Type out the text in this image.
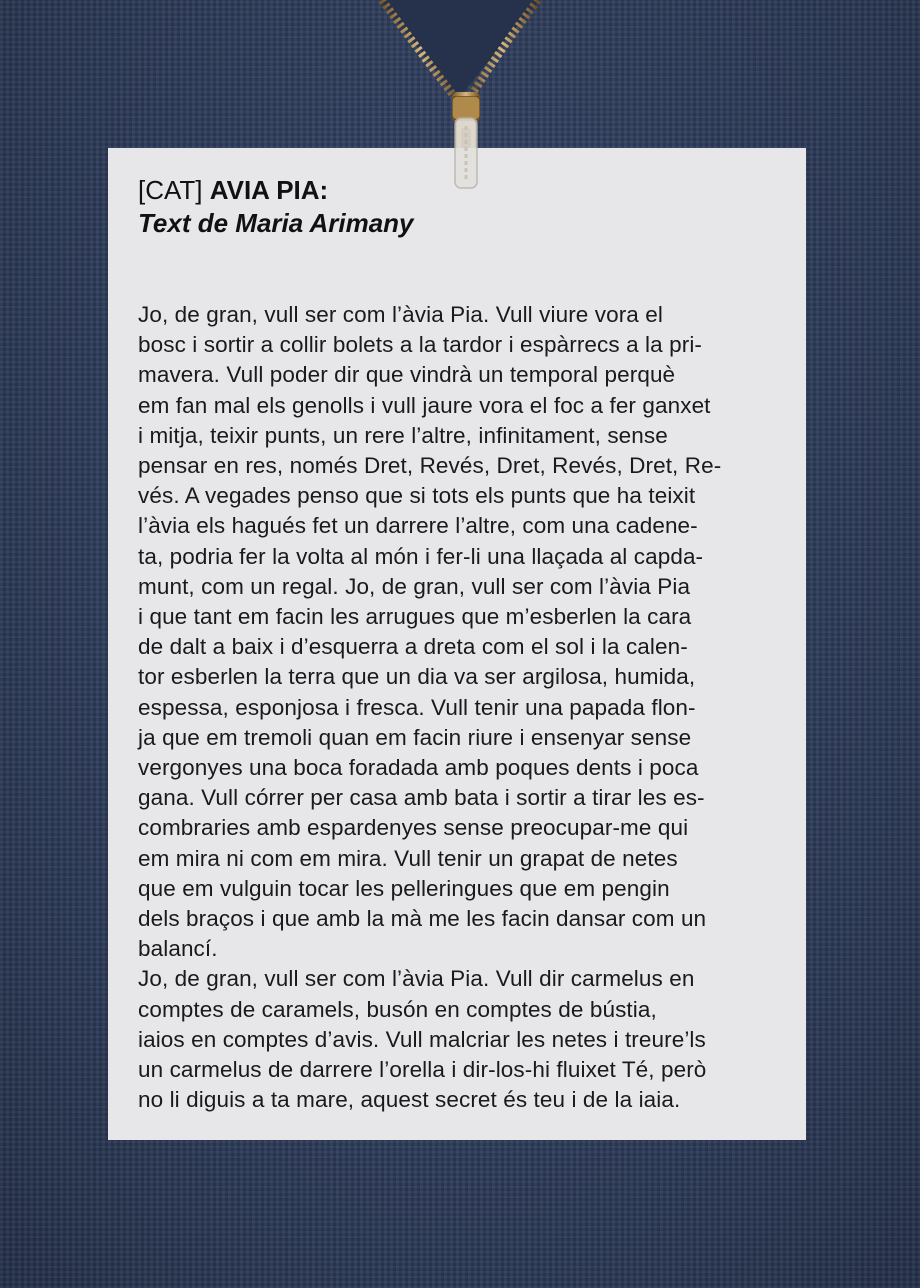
[CAT] AVIA PIA:

Text de Maria Arimany

Jo, de gran, vull ser com l’àvia Pia. Vull viure vora el
bosc i sortir a collir bolets a la tardor i espàrrecs a la pri-
mavera. Vull poder dir que vindrà un temporal perquè
em fan mal els genolls i vull jaure vora el foc a fer ganxet
i mitja, teixir punts, un rere l’altre, infinitament, sense
pensar en res, només Dret, Revés, Dret, Revés, Dret, Re-
vés. A vegades penso que si tots els punts que ha teixit
l’àvia els hagués fet un darrere l’altre, com una cadene-
ta, podria fer la volta al món i fer-li una llaçada al capda-
munt, com un regal. Jo, de gran, vull ser com l’àvia Pia
i que tant em facin les arrugues que m’esberlen la cara
de dalt a baix i d’esquerra a dreta com el sol i la calen-
tor esberlen la terra que un dia va ser argilosa, humida,
espessa, esponjosa i fresca. Vull tenir una papada flon-
ja que em tremoli quan em facin riure i ensenyar sense
vergonyes una boca foradada amb poques dents i poca
gana. Vull córrer per casa amb bata i sortir a tirar les es-
combraries amb espardenyes sense preocupar-me qui
em mira ni com em mira. Vull tenir un grapat de netes
que em vulguin tocar les pelleringues que em pengin
dels braços i que amb la mà me les facin dansar com un
balancí.
Jo, de gran, vull ser com l’àvia Pia. Vull dir carmelus en
comptes de caramels, busón en comptes de bústia,
iaios en comptes d’avis. Vull malcriar les netes i treure’ls
un carmelus de darrere l’orella i dir-los-hi fluixet Té, però
no li diguis a ta mare, aquest secret és teu i de la iaia.
